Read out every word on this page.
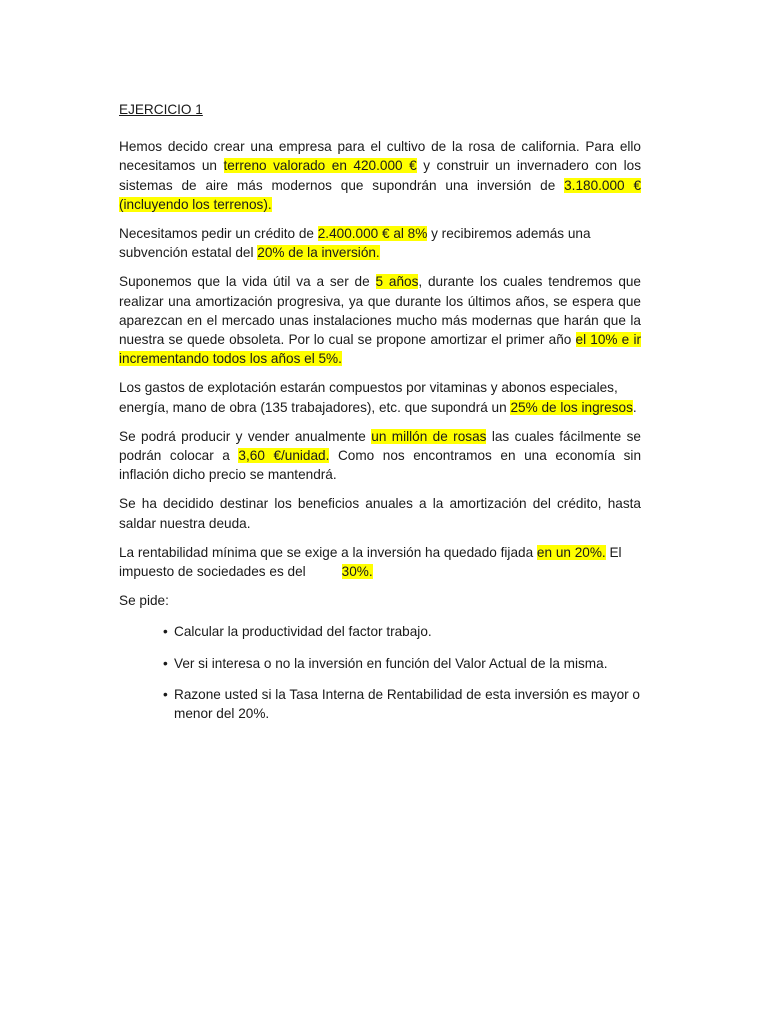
EJERCICIO 1

Hemos decido crear una empresa para el cultivo de la rosa de california. Para ello necesitamos un terreno valorado en 420.000 € y construir un invernadero con los sistemas de aire más modernos que supondrán una inversión de 3.180.000 € (incluyendo los terrenos).

Necesitamos pedir un crédito de 2.400.000 € al 8% y recibiremos además una subvención estatal del 20% de la inversión.

Suponemos que la vida útil va a ser de 5 años, durante los cuales tendremos que realizar una amortización progresiva, ya que durante los últimos años, se espera que aparezcan en el mercado unas instalaciones mucho más modernas que harán que la nuestra se quede obsoleta. Por lo cual se propone amortizar el primer año el 10% e ir incrementando todos los años el 5%.

Los gastos de explotación estarán compuestos por vitaminas y abonos especiales, energía, mano de obra (135 trabajadores), etc. que supondrá un 25% de los ingresos.

Se podrá producir y vender anualmente un millón de rosas las cuales fácilmente se podrán colocar a 3,60 €/unidad. Como nos encontramos en una economía sin inflación dicho precio se mantendrá.

Se ha decidido destinar los beneficios anuales a la amortización del crédito, hasta saldar nuestra deuda.

La rentabilidad mínima que se exige a la inversión ha quedado fijada en un 20%. El impuesto de sociedades es del	30%.

Se pide:
• Calcular la productividad del factor trabajo.
• Ver si interesa o no la inversión en función del Valor Actual de la misma.
• Razone usted si la Tasa Interna de Rentabilidad de esta inversión es mayor o menor del 20%.
